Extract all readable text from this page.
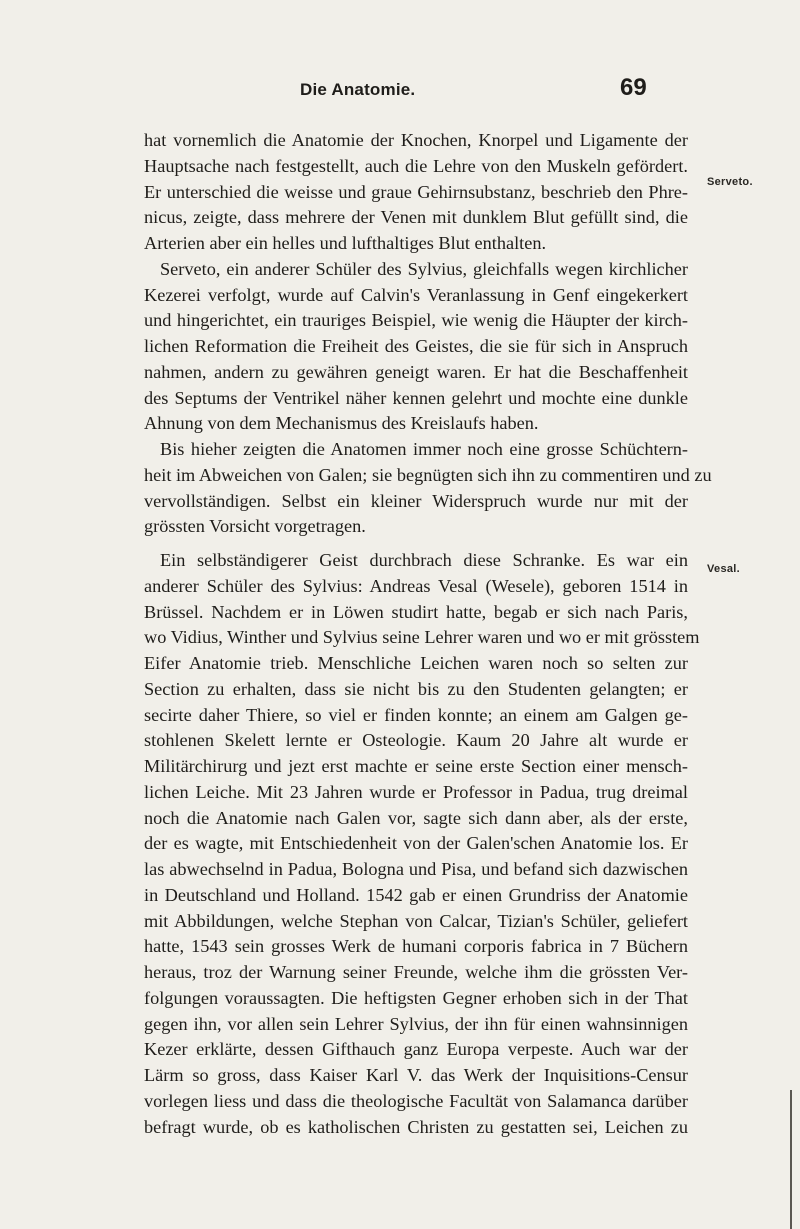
Die Anatomie.	69
Serveto.
Vesal.
hat vornemlich die Anatomie der Knochen, Knorpel und Ligamente der
Hauptsache nach festgestellt, auch die Lehre von den Muskeln gefördert.
Er unterschied die weisse und graue Gehirnsubstanz, beschrieb den Phre-
nicus, zeigte, dass mehrere der Venen mit dunklem Blut gefüllt sind, die
Arterien aber ein helles und lufthaltiges Blut enthalten.
Serveto, ein anderer Schüler des Sylvius, gleichfalls wegen kirchlicher
Kezerei verfolgt, wurde auf Calvin's Veranlassung in Genf eingekerkert
und hingerichtet, ein trauriges Beispiel, wie wenig die Häupter der kirch-
lichen Reformation die Freiheit des Geistes, die sie für sich in Anspruch
nahmen, andern zu gewähren geneigt waren. Er hat die Beschaffenheit
des Septums der Ventrikel näher kennen gelehrt und mochte eine dunkle
Ahnung von dem Mechanismus des Kreislaufs haben.
Bis hieher zeigten die Anatomen immer noch eine grosse Schüchtern-
heit im Abweichen von Galen; sie begnügten sich ihn zu commentiren und zu
vervollständigen. Selbst ein kleiner Widerspruch wurde nur mit der
grössten Vorsicht vorgetragen.
Ein selbständigerer Geist durchbrach diese Schranke. Es war ein
anderer Schüler des Sylvius: Andreas Vesal (Wesele), geboren 1514 in
Brüssel. Nachdem er in Löwen studirt hatte, begab er sich nach Paris,
wo Vidius, Winther und Sylvius seine Lehrer waren und wo er mit grösstem
Eifer Anatomie trieb. Menschliche Leichen waren noch so selten zur
Section zu erhalten, dass sie nicht bis zu den Studenten gelangten; er
secirte daher Thiere, so viel er finden konnte; an einem am Galgen ge-
stohlenen Skelett lernte er Osteologie. Kaum 20 Jahre alt wurde er
Militärchirurg und jezt erst machte er seine erste Section einer mensch-
lichen Leiche. Mit 23 Jahren wurde er Professor in Padua, trug dreimal
noch die Anatomie nach Galen vor, sagte sich dann aber, als der erste,
der es wagte, mit Entschiedenheit von der Galen'schen Anatomie los. Er
las abwechselnd in Padua, Bologna und Pisa, und befand sich dazwischen
in Deutschland und Holland. 1542 gab er einen Grundriss der Anatomie
mit Abbildungen, welche Stephan von Calcar, Tizian's Schüler, geliefert
hatte, 1543 sein grosses Werk de humani corporis fabrica in 7 Büchern
heraus, troz der Warnung seiner Freunde, welche ihm die grössten Ver-
folgungen voraussagten. Die heftigsten Gegner erhoben sich in der That
gegen ihn, vor allen sein Lehrer Sylvius, der ihn für einen wahnsinnigen
Kezer erklärte, dessen Gifthauch ganz Europa verpeste. Auch war der
Lärm so gross, dass Kaiser Karl V. das Werk der Inquisitions-Censur
vorlegen liess und dass die theologische Facultät von Salamanca darüber
befragt wurde, ob es katholischen Christen zu gestatten sei, Leichen zu
